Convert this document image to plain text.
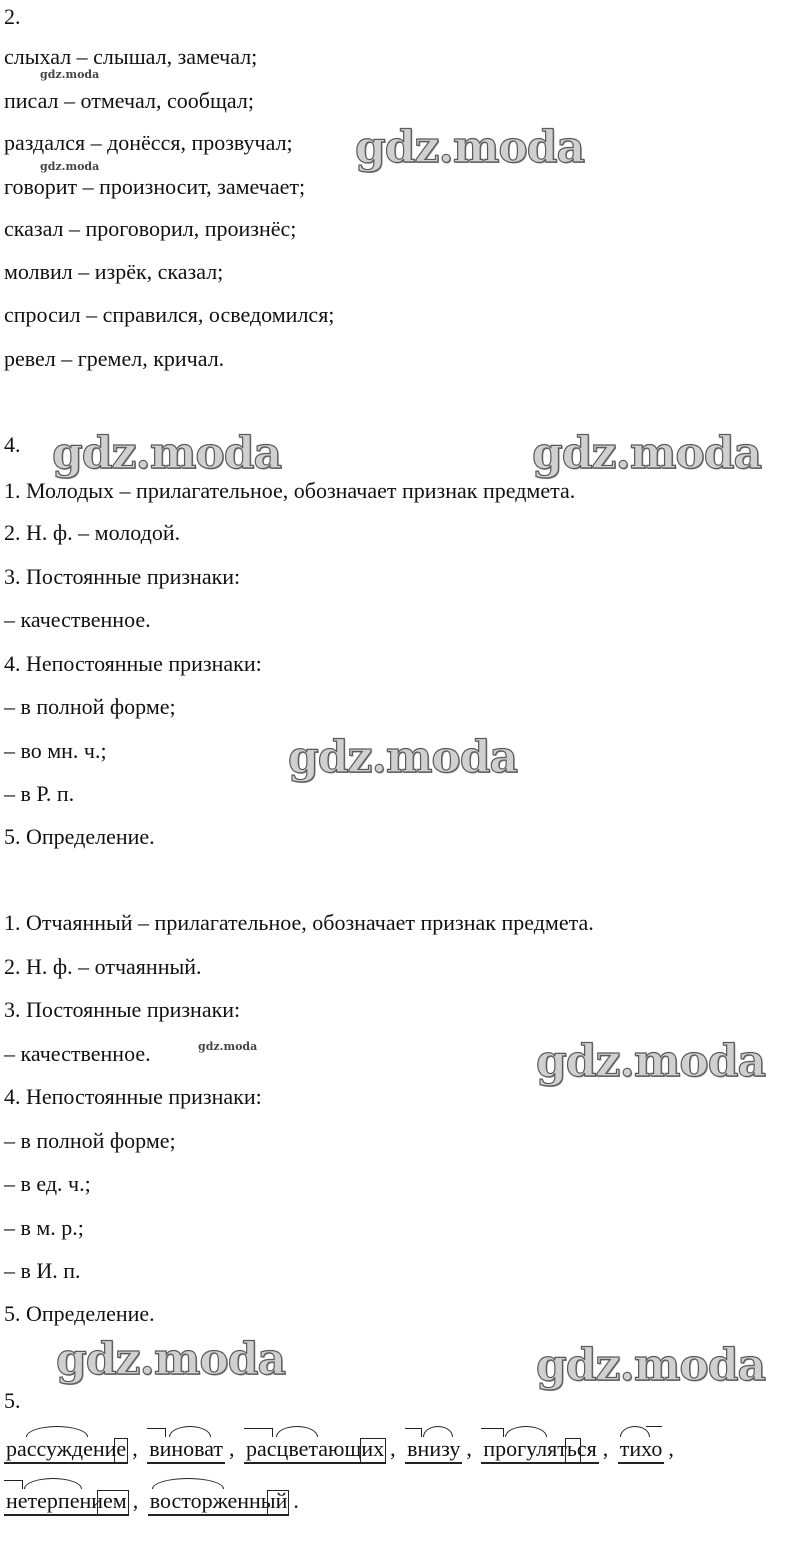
2.
слыхал – слышал, замечал;
писал – отмечал, сообщал;
раздался – донёсся, прозвучал;
говорит – произносит, замечает;
сказал – проговорил, произнёс;
молвил – изрёк, сказал;
спросил – справился, осведомился;
ревел – гремел, кричал.
4.
1. Молодых – прилагательное, обозначает признак предмета.
2. Н. ф. – молодой.
3. Постоянные признаки:
– качественное.
4. Непостоянные признаки:
– в полной форме;
– во мн. ч.;
– в Р. п.
5. Определение.
1. Отчаянный – прилагательное, обозначает признак предмета.
2. Н. ф. – отчаянный.
3. Постоянные признаки:
– качественное.
4. Непостоянные признаки:
– в полной форме;
– в ед. ч.;
– в м. р.;
– в И. п.
5. Определение.
5.
рассуждение , виноват , расцветающих , внизу , прогуляться , тихо ,
нетерпением , восторженный .
gdz.moda
gdz.moda	gdz.moda
gdz.moda
gdz.moda
gdz.moda	gdz.moda
gdz.moda
gdz.moda
gdz.moda
